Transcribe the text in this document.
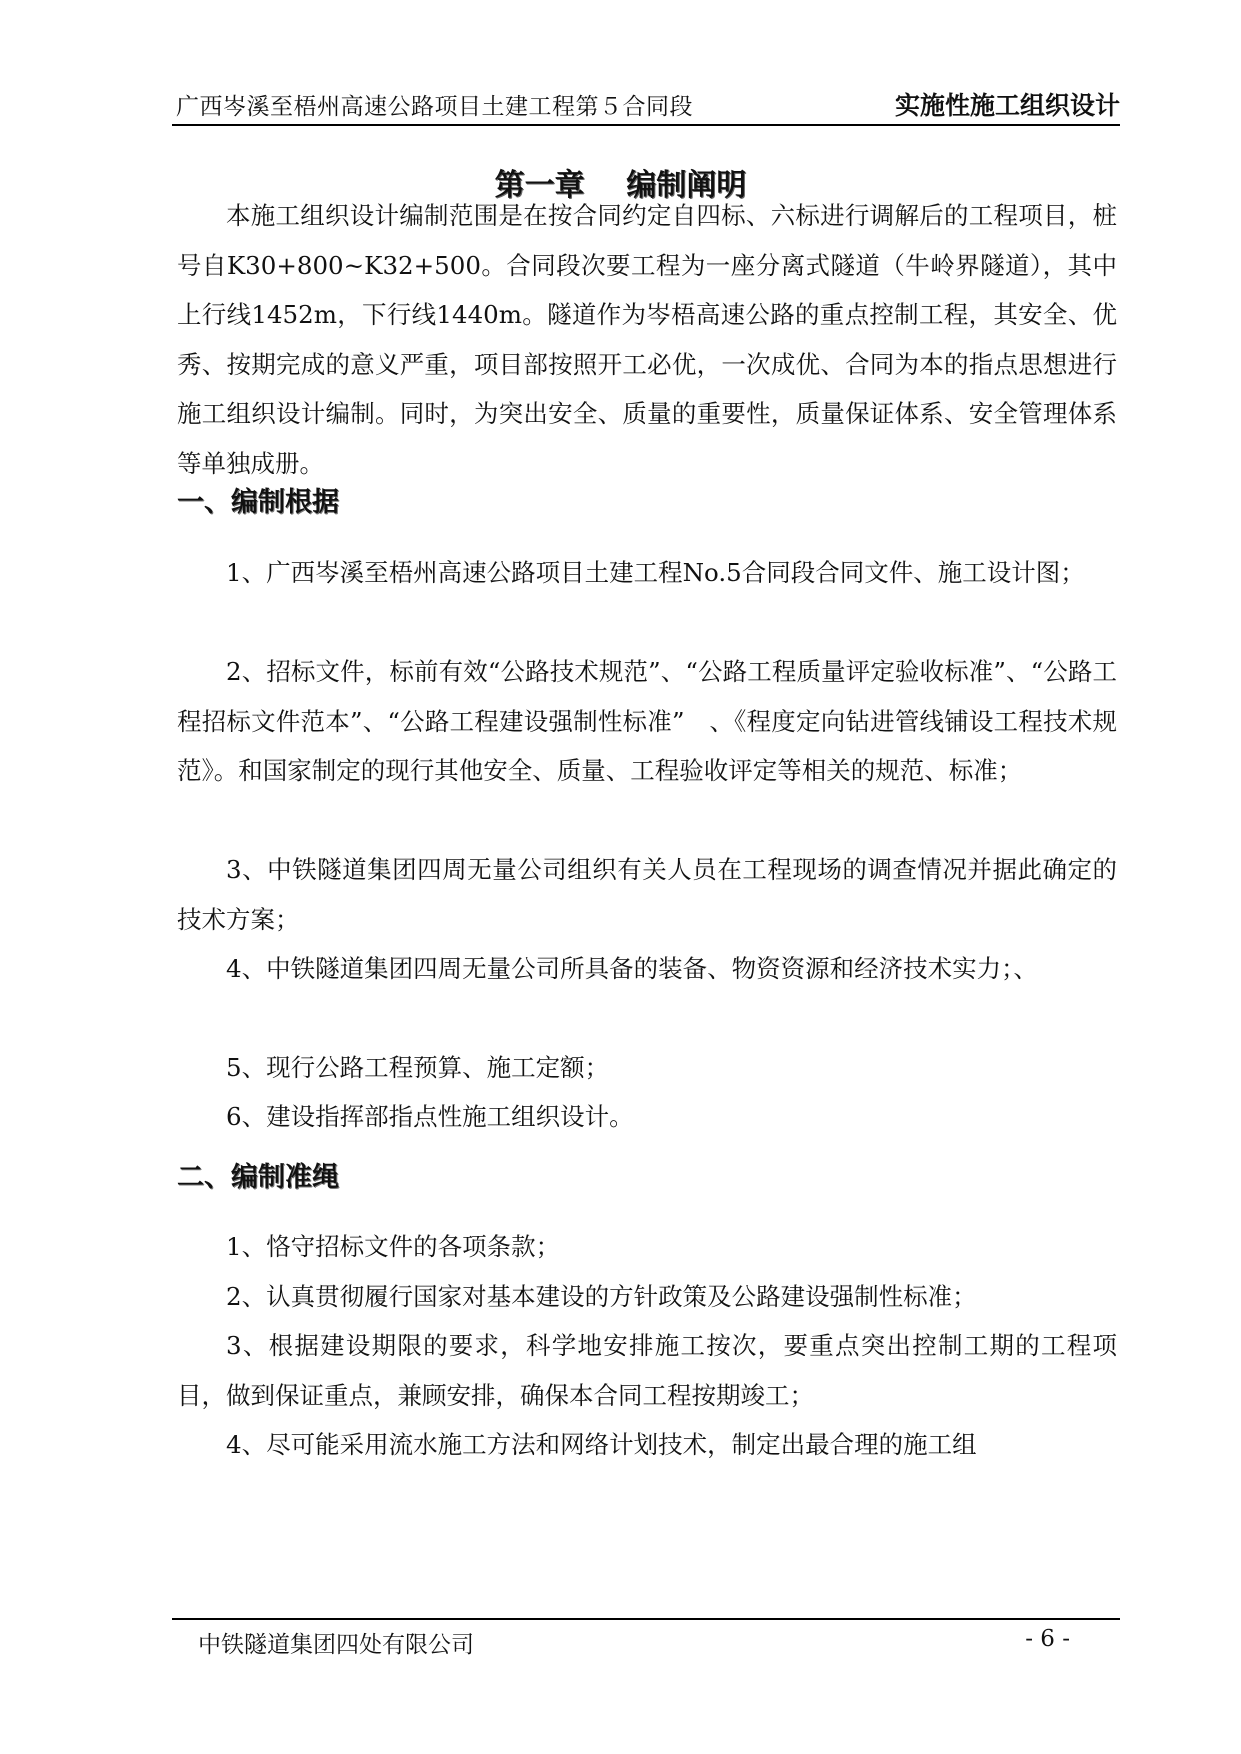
广西岑溪至梧州高速公路项目土建工程第５合同段	实施性施工组织设计
第一章    编制阐明

本施工组织设计编制范围是在按合同约定自四标、六标进行调解后的工程项目，桩号自K30+800~K32+500。合同段次要工程为一座分离式隧道（牛岭界隧道），其中上行线1452m，下行线1440m。隧道作为岑梧高速公路的重点控制工程，其安全、优秀、按期完成的意义严重，项目部按照开工必优，一次成优、合同为本的指点思想进行施工组织设计编制。同时，为突出安全、质量的重要性，质量保证体系、安全管理体系等单独成册。

一、编制根据

1、广西岑溪至梧州高速公路项目土建工程No.5合同段合同文件、施工设计图；

2、招标文件，标前有效“公路技术规范”、“公路工程质量评定验收标准”、“公路工程招标文件范本”、“公路工程建设强制性标准”　、《程度定向钻进管线铺设工程技术规范》。和国家制定的现行其他安全、质量、工程验收评定等相关的规范、标准；

3、中铁隧道集团四周无量公司组织有关人员在工程现场的调查情况并据此确定的技术方案；

4、中铁隧道集团四周无量公司所具备的装备、物资资源和经济技术实力；、

5、现行公路工程预算、施工定额；

6、建设指挥部指点性施工组织设计。

二、编制准绳

1、恪守招标文件的各项条款；

2、认真贯彻履行国家对基本建设的方针政策及公路建设强制性标准；

3、根据建设期限的要求，科学地安排施工按次，要重点突出控制工期的工程项目，做到保证重点，兼顾安排，确保本合同工程按期竣工；

4、尽可能采用流水施工方法和网络计划技术，制定出最合理的施工组

中铁隧道集团四处有限公司	- 6 -
